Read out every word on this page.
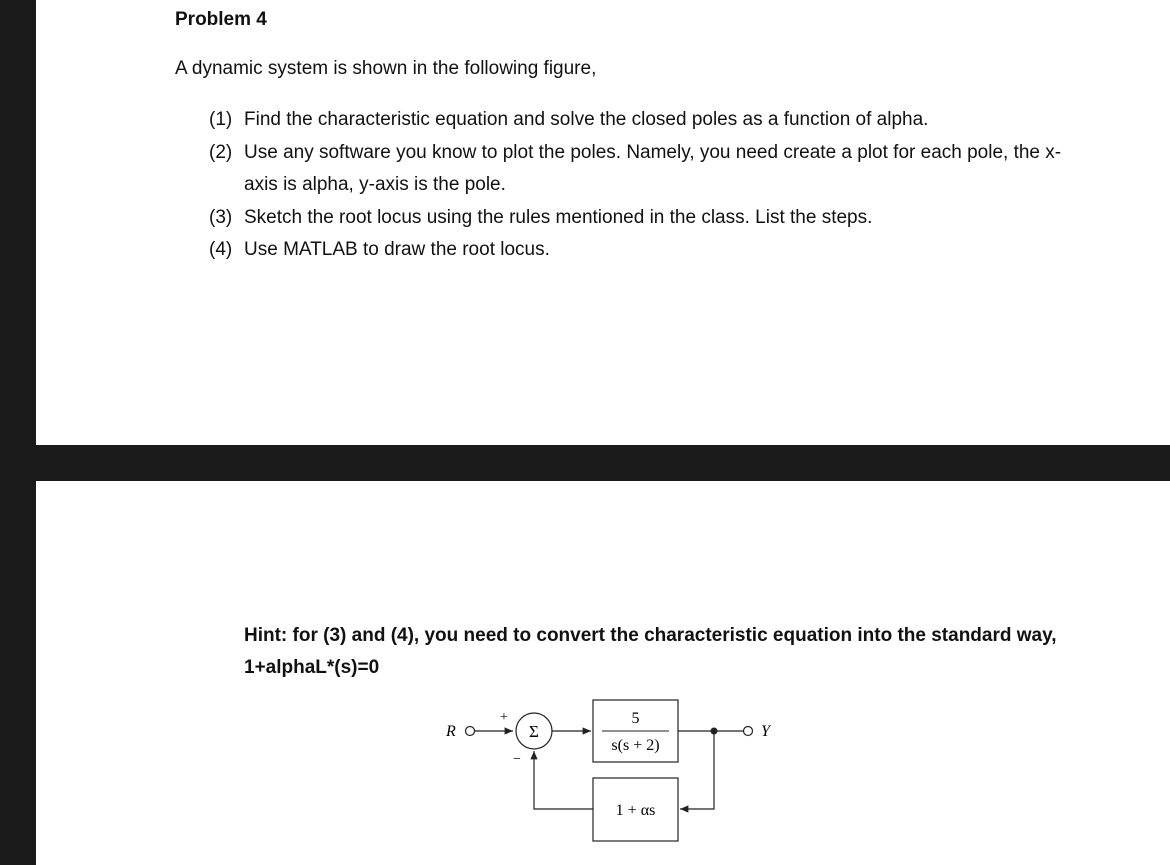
Problem 4

A dynamic system is shown in the following figure,

(1) Find the characteristic equation and solve the closed poles as a function of alpha.
(2) Use any software you know to plot the poles. Namely, you need create a plot for each pole, the x-axis is alpha, y-axis is the pole.
(3) Sketch the root locus using the rules mentioned in the class. List the steps.
(4) Use MATLAB to draw the root locus.

Hint: for (3) and (4), you need to convert the characteristic equation into the standard way, 1+alphaL*(s)=0

R
+
Σ
−
5
s(s + 2)
Y
1 + αs
